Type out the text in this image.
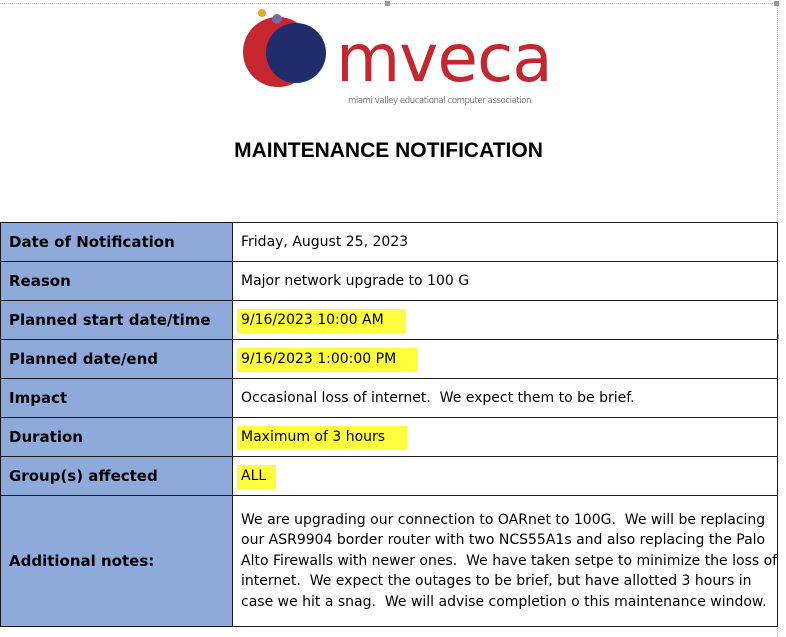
mveca
miami valley educational computer association
MAINTENANCE NOTIFICATION
Date of Notification	Friday, August 25, 2023
Reason	Major network upgrade to 100 G
Planned start date/time	9/16/2023 10:00 AM
Planned date/end	9/16/2023 1:00:00 PM
Impact	Occasional loss of internet.  We expect them to be brief.
Duration	Maximum of 3 hours
Group(s) affected	ALL
Additional notes:	We are upgrading our connection to OARnet to 100G.  We will be replacing our ASR9904 border router with two NCS55A1s and also replacing the Palo Alto Firewalls with newer ones.  We have taken setpe to minimize the loss of internet.  We expect the outages to be brief, but have allotted 3 hours in case we hit a snag.  We will advise completion o this maintenance window.
